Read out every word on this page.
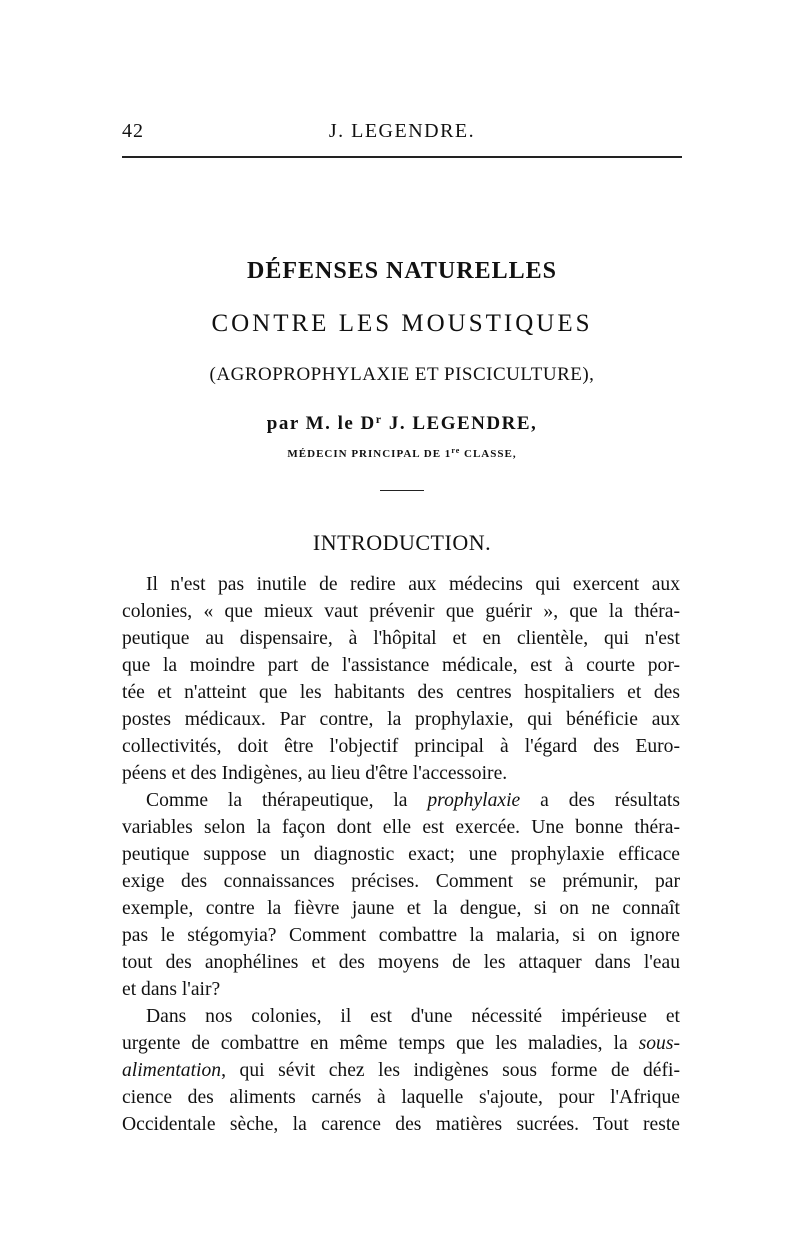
42	J. LEGENDRE.
DÉFENSES NATURELLES
CONTRE LES MOUSTIQUES
(AGROPROPHYLAXIE ET PISCICULTURE),
par M. le $D^r$ J. LEGENDRE,
MÉDECIN PRINCIPAL DE 1re CLASSE,
INTRODUCTION.
Il n'est pas inutile de redire aux médecins qui exercent aux
colonies, « que mieux vaut prévenir que guérir », que la théra-
peutique au dispensaire, à l'hôpital et en clientèle, qui n'est
que la moindre part de l'assistance médicale, est à courte por-
tée et n'atteint que les habitants des centres hospitaliers et des
postes médicaux. Par contre, la prophylaxie, qui bénéficie aux
collectivités, doit être l'objectif principal à l'égard des Euro-
péens et des Indigènes, au lieu d'être l'accessoire.
Comme la thérapeutique, la prophylaxie a des résultats
variables selon la façon dont elle est exercée. Une bonne théra-
peutique suppose un diagnostic exact; une prophylaxie efficace
exige des connaissances précises. Comment se prémunir, par
exemple, contre la fièvre jaune et la dengue, si on ne connaît
pas le stégomyia? Comment combattre la malaria, si on ignore
tout des anophélines et des moyens de les attaquer dans l'eau
et dans l'air?
Dans nos colonies, il est d'une nécessité impérieuse et
urgente de combattre en même temps que les maladies, la sous-
alimentation, qui sévit chez les indigènes sous forme de défi-
cience des aliments carnés à laquelle s'ajoute, pour l'Afrique
Occidentale sèche, la carence des matières sucrées. Tout reste
